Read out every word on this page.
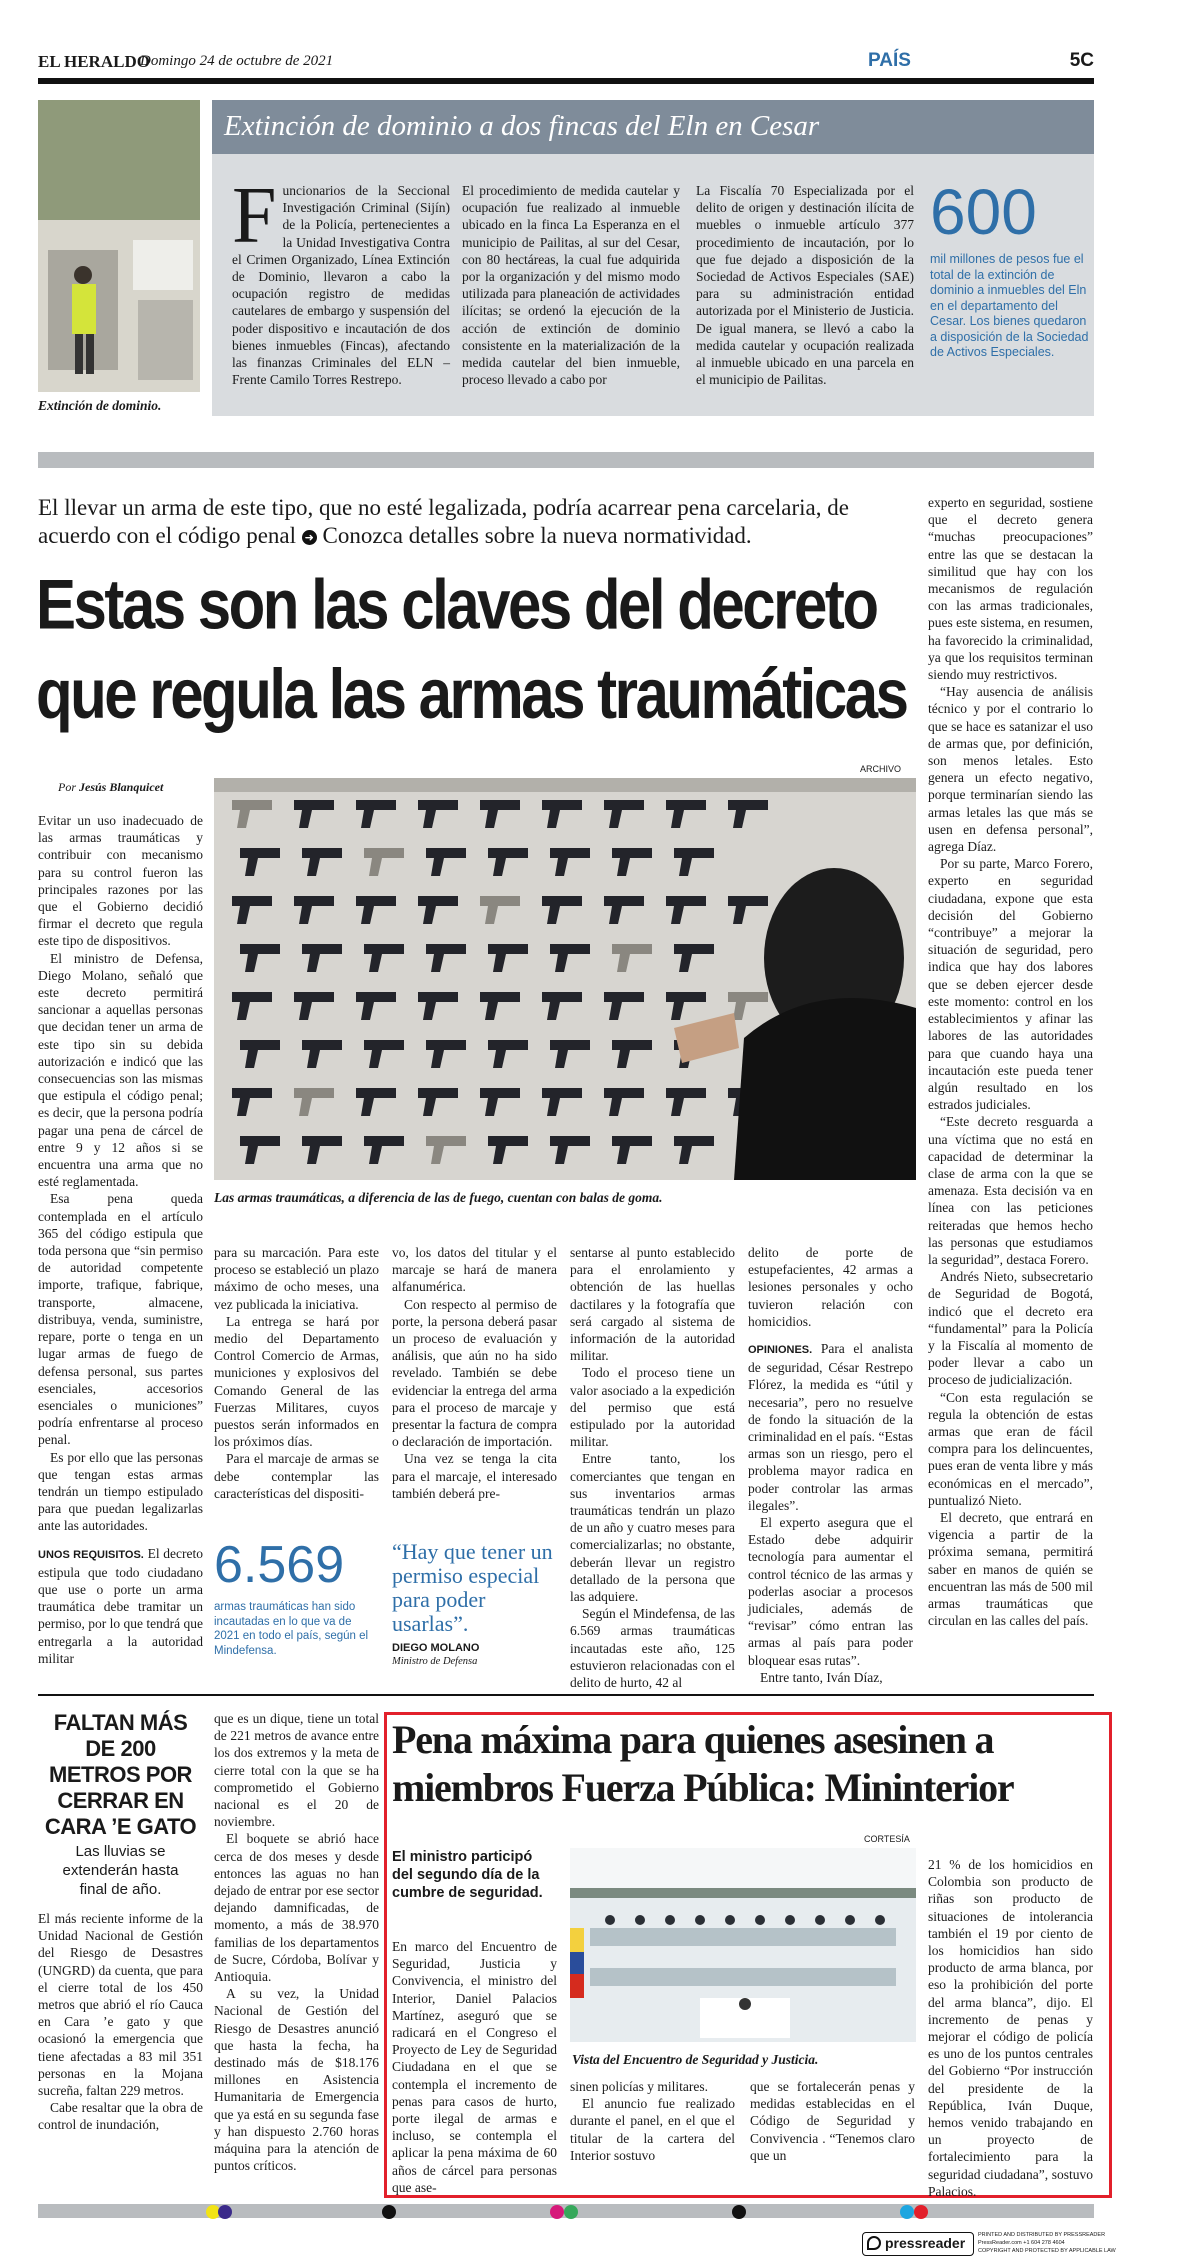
EL HERALDO
Domingo 24 de octubre de 2021	PAÍS	5C
Extinción de dominio.
Extinción de dominio a dos fincas del Eln en Cesar
F uncionarios de la Seccional Investigación Criminal (Sijín) de la Policía, pertenecientes a la Unidad Investigativa Contra el Crimen Organizado, Línea Extinción de Dominio, llevaron a cabo la ocupación registro de medidas cautelares de embargo y suspensión del poder dispositivo e incautación de dos bienes inmuebles (Fincas), afectando las finanzas Criminales del ELN – Frente Camilo Torres Restrepo.

El procedimiento de medida cautelar y ocupación fue realizado al inmueble ubicado en la finca La Esperanza en el municipio de Pailitas, al sur del Cesar, con 80 hectáreas, la cual fue adquirida por la organización y del mismo modo utilizada para planeación de actividades ilícitas; se ordenó la ejecución de la acción de extinción de dominio consistente en la materialización de la medida cautelar del bien inmueble, proceso llevado a cabo por

La Fiscalía 70 Especializada por el delito de origen y destinación ilícita de muebles o inmueble artículo 377 procedimiento de incautación, por lo que fue dejado a disposición de la Sociedad de Activos Especiales (SAE) para su administración entidad autorizada por el Ministerio de Justicia. De igual manera, se llevó a cabo la medida cautelar y ocupación realizada al inmueble ubicado en una parcela en el municipio de Pailitas.

600
mil millones de pesos fue el total de la extinción de dominio a inmuebles del Eln en el departamento del Cesar. Los bienes quedaron a disposición de la Sociedad de Activos Especiales.
El llevar un arma de este tipo, que no esté legalizada, podría acarrear pena carcelaria, de acuerdo con el código penal ➜ Conozca detalles sobre la nueva normatividad.
Estas son las claves del decreto
que regula las armas traumáticas
ARCHIVO
Por Jesús Blanquicet
Las armas traumáticas, a diferencia de las de fuego, cuentan con balas de goma.

Evitar un uso inadecuado de las armas traumáticas y contribuir con mecanismo para su control fueron las principales razones por las que el Gobierno decidió firmar el decreto que regula este tipo de dispositivos.

El ministro de Defensa, Diego Molano, señaló que este decreto permitirá sancionar a aquellas personas que decidan tener un arma de este tipo sin su debida autorización e indicó que las consecuencias son las mismas que estipula el código penal; es decir, que la persona podría pagar una pena de cárcel de entre 9 y 12 años si se encuentra una arma que no esté reglamentada.

Esa pena queda contemplada en el artículo 365 del código estipula que toda persona que “sin permiso de autoridad competente importe, trafique, fabrique, transporte, almacene, distribuya, venda, suministre, repare, porte o tenga en un lugar armas de fuego de defensa personal, sus partes esenciales, accesorios esenciales o municiones” podría enfrentarse al proceso penal.

Es por ello que las personas que tengan estas armas tendrán un tiempo estipulado para que puedan legalizarlas ante las autoridades.

UNOS REQUISITOS. El decreto estipula que todo ciudadano que use o porte un arma traumática debe tramitar un permiso, por lo que tendrá que entregarla a la autoridad militar

para su marcación. Para este proceso se estableció un plazo máximo de ocho meses, una vez publicada la iniciativa.

La entrega se hará por medio del Departamento Control Comercio de Armas, municiones y explosivos del Comando General de las Fuerzas Militares, cuyos puestos serán informados en los próximos días.

Para el marcaje de armas se debe contemplar las características del dispositi-

vo, los datos del titular y el marcaje se hará de manera alfanumérica.

Con respecto al permiso de porte, la persona deberá pasar un proceso de evaluación y análisis, que aún no ha sido revelado. También se debe evidenciar la entrega del arma para el proceso de marcaje y presentar la factura de compra o declaración de importación.

Una vez se tenga la cita para el marcaje, el interesado también deberá pre-

sentarse al punto establecido para el enrolamiento y obtención de las huellas dactilares y la fotografía que será cargado al sistema de información de la autoridad militar.

Todo el proceso tiene un valor asociado a la expedición del permiso que está estipulado por la autoridad militar.

Entre tanto, los comerciantes que tengan en sus inventarios armas traumáticas tendrán un plazo de un año y cuatro meses para comercializarlas; no obstante, deberán llevar un registro detallado de la persona que las adquiere.

Según el Mindefensa, de las 6.569 armas traumáticas incautadas este año, 125 estuvieron relacionadas con el delito de hurto, 42 al

delito de porte de estupefacientes, 42 armas a lesiones personales y ocho tuvieron relación con homicidios.

OPINIONES. Para el analista de seguridad, César Restrepo Flórez, la medida es “útil y necesaria”, pero no resuelve de fondo la situación de la criminalidad en el país. “Estas armas son un riesgo, pero el problema mayor radica en poder controlar las armas ilegales”.

El experto asegura que el Estado debe adquirir tecnología para aumentar el control técnico de las armas y poderlas asociar a procesos judiciales, además de “revisar” cómo entran las armas al país para poder bloquear esas rutas”.

Entre tanto, Iván Díaz,

6.569
armas traumáticas han sido incautadas en lo que va de 2021 en todo el país, según el Mindefensa.
“Hay que tener un permiso especial para poder usarlas”.
DIEGO MOLANO
Ministro de Defensa

experto en seguridad, sostiene que el decreto genera “muchas preocupaciones” entre las que se destacan la similitud que hay con los mecanismos de regulación con las armas tradicionales, pues este sistema, en resumen, ha favorecido la criminalidad, ya que los requisitos terminan siendo muy restrictivos.

“Hay ausencia de análisis técnico y por el contrario lo que se hace es satanizar el uso de armas que, por definición, son menos letales. Esto genera un efecto negativo, porque terminarían siendo las armas letales las que más se usen en defensa personal”, agrega Díaz.

Por su parte, Marco Forero, experto en seguridad ciudadana, expone que esta decisión del Gobierno “contribuye” a mejorar la situación de seguridad, pero indica que hay dos labores que se deben ejercer desde este momento: control en los establecimientos y afinar las labores de las autoridades para que cuando haya una incautación este pueda tener algún resultado en los estrados judiciales.

“Este decreto resguarda a una víctima que no está en capacidad de determinar la clase de arma con la que se amenaza. Esta decisión va en línea con las peticiones reiteradas que hemos hecho las personas que estudiamos la seguridad”, destaca Forero.

Andrés Nieto, subsecretario de Seguridad de Bogotá, indicó que el decreto era “fundamental” para la Policía y la Fiscalía al momento de poder llevar a cabo un proceso de judicialización.

“Con esta regulación se regula la obtención de estas armas que eran de fácil compra para los delincuentes, pues eran de venta libre y más económicas en el mercado”, puntualizó Nieto.

El decreto, que entrará en vigencia a partir de la próxima semana, permitirá saber en manos de quién se encuentran las más de 500 mil armas traumáticas que circulan en las calles del país.

FALTAN MÁS DE 200 METROS POR CERRAR EN CARA ’E GATO
Las lluvias se extenderán hasta final de año.

El más reciente informe de la Unidad Nacional de Gestión del Riesgo de Desastres (UNGRD) da cuenta, que para el cierre total de los 450 metros que abrió el río Cauca en Cara ’e gato y que ocasionó la emergencia que tiene afectadas a 83 mil 351 personas en la Mojana sucreña, faltan 229 metros.

Cabe resaltar que la obra de control de inundación,

que es un dique, tiene un total de 221 metros de avance entre los dos extremos y la meta de cierre total con la que se ha comprometido el Gobierno nacional es el 20 de noviembre.

El boquete se abrió hace cerca de dos meses y desde entonces las aguas no han dejado de entrar por ese sector dejando damnificadas, de momento, a más de 38.970 familias de los departamentos de Sucre, Córdoba, Bolívar y Antioquia.

A su vez, la Unidad Nacional de Gestión del Riesgo de Desastres anunció que hasta la fecha, ha destinado más de $18.176 millones en Asistencia Humanitaria de Emergencia que ya está en su segunda fase y han dispuesto 2.760 horas máquina para la atención de puntos críticos.

Pena máxima para quienes asesinen a miembros Fuerza Pública: Mininterior
CORTESÍA
El ministro participó del segundo día de la cumbre de seguridad.

En marco del Encuentro de Seguridad, Justicia y Convivencia, el ministro del Interior, Daniel Palacios Martínez, aseguró que se radicará en el Congreso el Proyecto de Ley de Seguridad Ciudadana en el que se contempla el incremento de penas para casos de hurto, porte ilegal de armas e incluso, se contempla el aplicar la pena máxima de 60 años de cárcel para personas que ase-

Vista del Encuentro de Seguridad y Justicia.

sinen policías y militares.

El anuncio fue realizado durante el panel, en el que el titular de la cartera del Interior sostuvo

que se fortalecerán penas y medidas establecidas en el Código de Seguridad y Convivencia . “Tenemos claro que un

21 % de los homicidios en Colombia son producto de riñas son producto de situaciones de intolerancia también el 19 por ciento de los homicidios han sido producto de arma blanca, por eso la prohibición del porte del arma blanca”, dijo. El incremento de penas y mejorar el código de policía es uno de los puntos centrales del Gobierno “Por instrucción del presidente de la República, Iván Duque, hemos venido trabajando en un proyecto de fortalecimiento para la seguridad ciudadana”, sostuvo Palacios.

pressreader PRINTED AND DISTRIBUTED BY PRESSREADER
PressReader.com +1 604 278 4604
COPYRIGHT AND PROTECTED BY APPLICABLE LAW
